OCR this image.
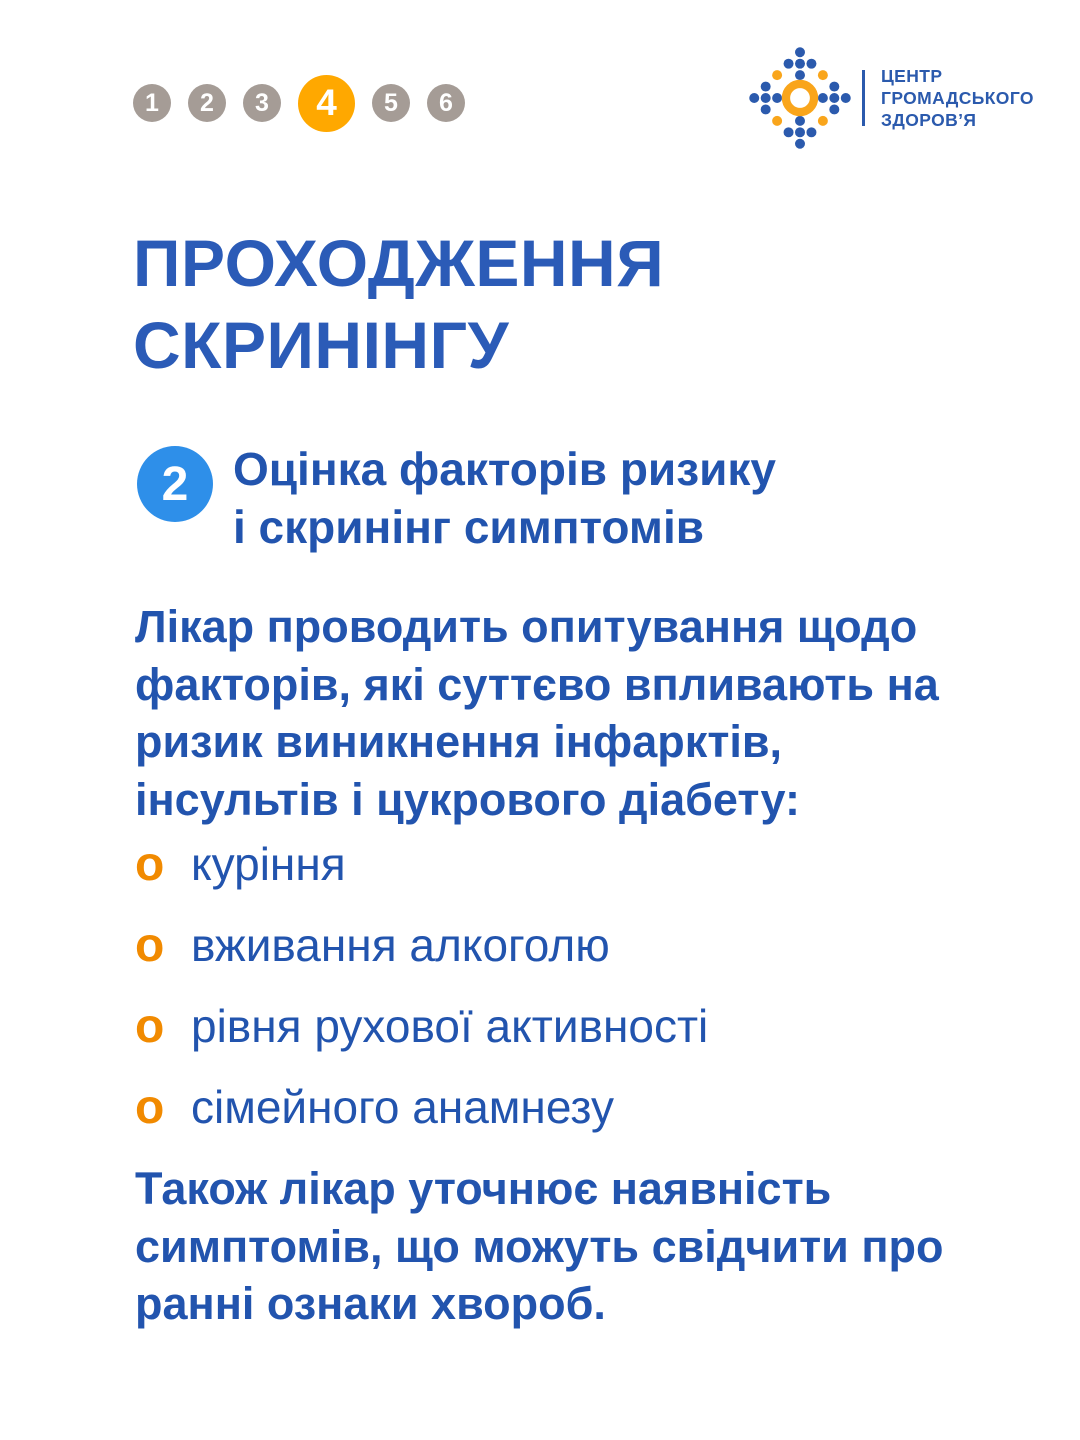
1	2	3	4	5	6
ЦЕНТР
ГРОМАДСЬКОГО
ЗДОРОВ’Я
ПРОХОДЖЕННЯ
СКРИНІНГУ
2 Оцінка факторів ризику
і скринінг симптомів

Лікар проводить опитування щодо
факторів, які суттєво впливають на
ризик виникнення інфарктів,
інсультів і цукрового діабету:

o куріння
o вживання алкоголю
o рівня рухової активності
o сімейного анамнезу

Також лікар уточнює наявність
симптомів, що можуть свідчити про
ранні ознаки хвороб.
